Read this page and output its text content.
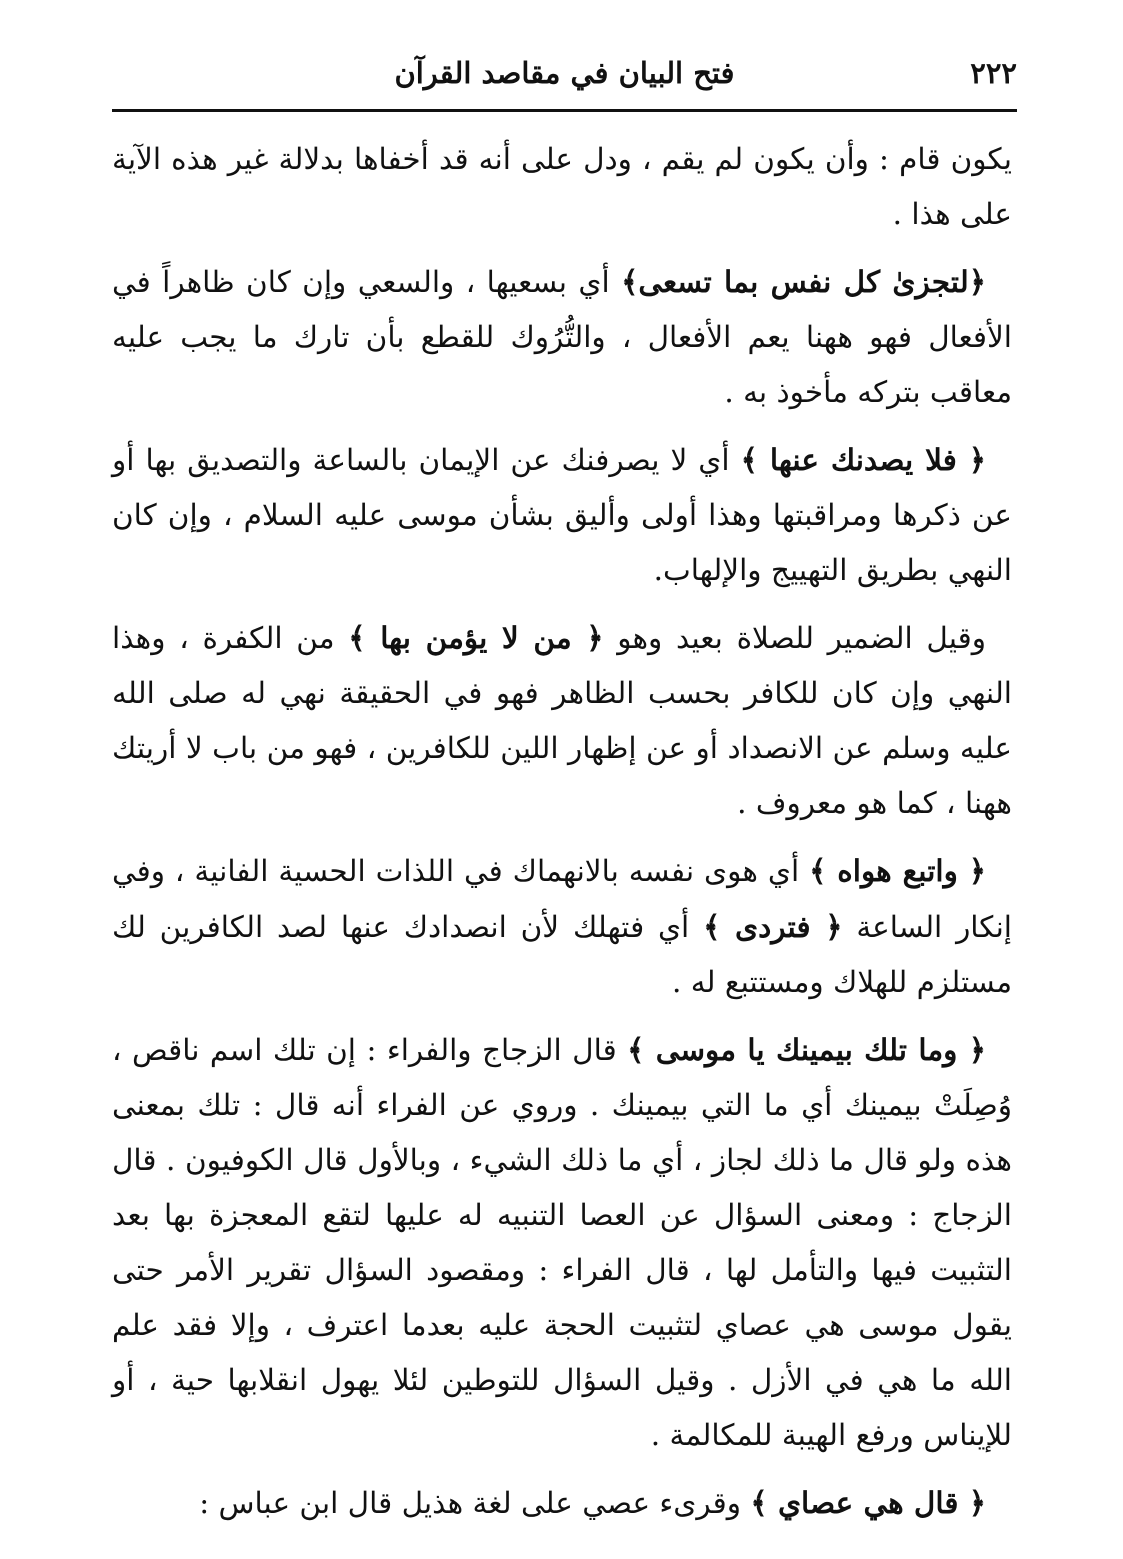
٢٢٢
فتح البيان في مقاصد القرآن

يكون قام : وأن يكون لم يقم ، ودل على أنه قد أخفاها بدلالة غير هذه الآية على هذا .

﴿لتجزىٰ كل نفس بما تسعى﴾ أي بسعيها ، والسعي وإن كان ظاهراً في الأفعال فهو ههنا يعم الأفعال ، والتُّرُوك للقطع بأن تارك ما يجب عليه معاقب بتركه مأخوذ به .

﴿ فلا يصدنك عنها ﴾ أي لا يصرفنك عن الإيمان بالساعة والتصديق بها أو عن ذكرها ومراقبتها وهذا أولى وأليق بشأن موسى عليه السلام ، وإن كان النهي بطريق التهييج والإلهاب.

وقيل الضمير للصلاة بعيد وهو ﴿ من لا يؤمن بها ﴾ من الكفرة ، وهذا النهي وإن كان للكافر بحسب الظاهر فهو في الحقيقة نهي له صلى الله عليه وسلم عن الانصداد أو عن إظهار اللين للكافرين ، فهو من باب لا أريتك ههنا ، كما هو معروف .

﴿ واتبع هواه ﴾ أي هوى نفسه بالانهماك في اللذات الحسية الفانية ، وفي إنكار الساعة ﴿ فتردى ﴾ أي فتهلك لأن انصدادك عنها لصد الكافرين لك مستلزم للهلاك ومستتبع له .

﴿ وما تلك بيمينك يا موسى ﴾ قال الزجاج والفراء : إن تلك اسم ناقص ، وُصِلَتْ بيمينك أي ما التي بيمينك . وروي عن الفراء أنه قال : تلك بمعنى هذه ولو قال ما ذلك لجاز ، أي ما ذلك الشيء ، وبالأول قال الكوفيون . قال الزجاج : ومعنى السؤال عن العصا التنبيه له عليها لتقع المعجزة بها بعد التثبيت فيها والتأمل لها ، قال الفراء : ومقصود السؤال تقرير الأمر حتى يقول موسى هي عصاي لتثبيت الحجة عليه بعدما اعترف ، وإلا فقد علم الله ما هي في الأزل . وقيل السؤال للتوطين لئلا يهول انقلابها حية ، أو للإيناس ورفع الهيبة للمكالمة .

﴿ قال هي عصاي ﴾ وقرىء عصي على لغة هذيل قال ابن عباس :
